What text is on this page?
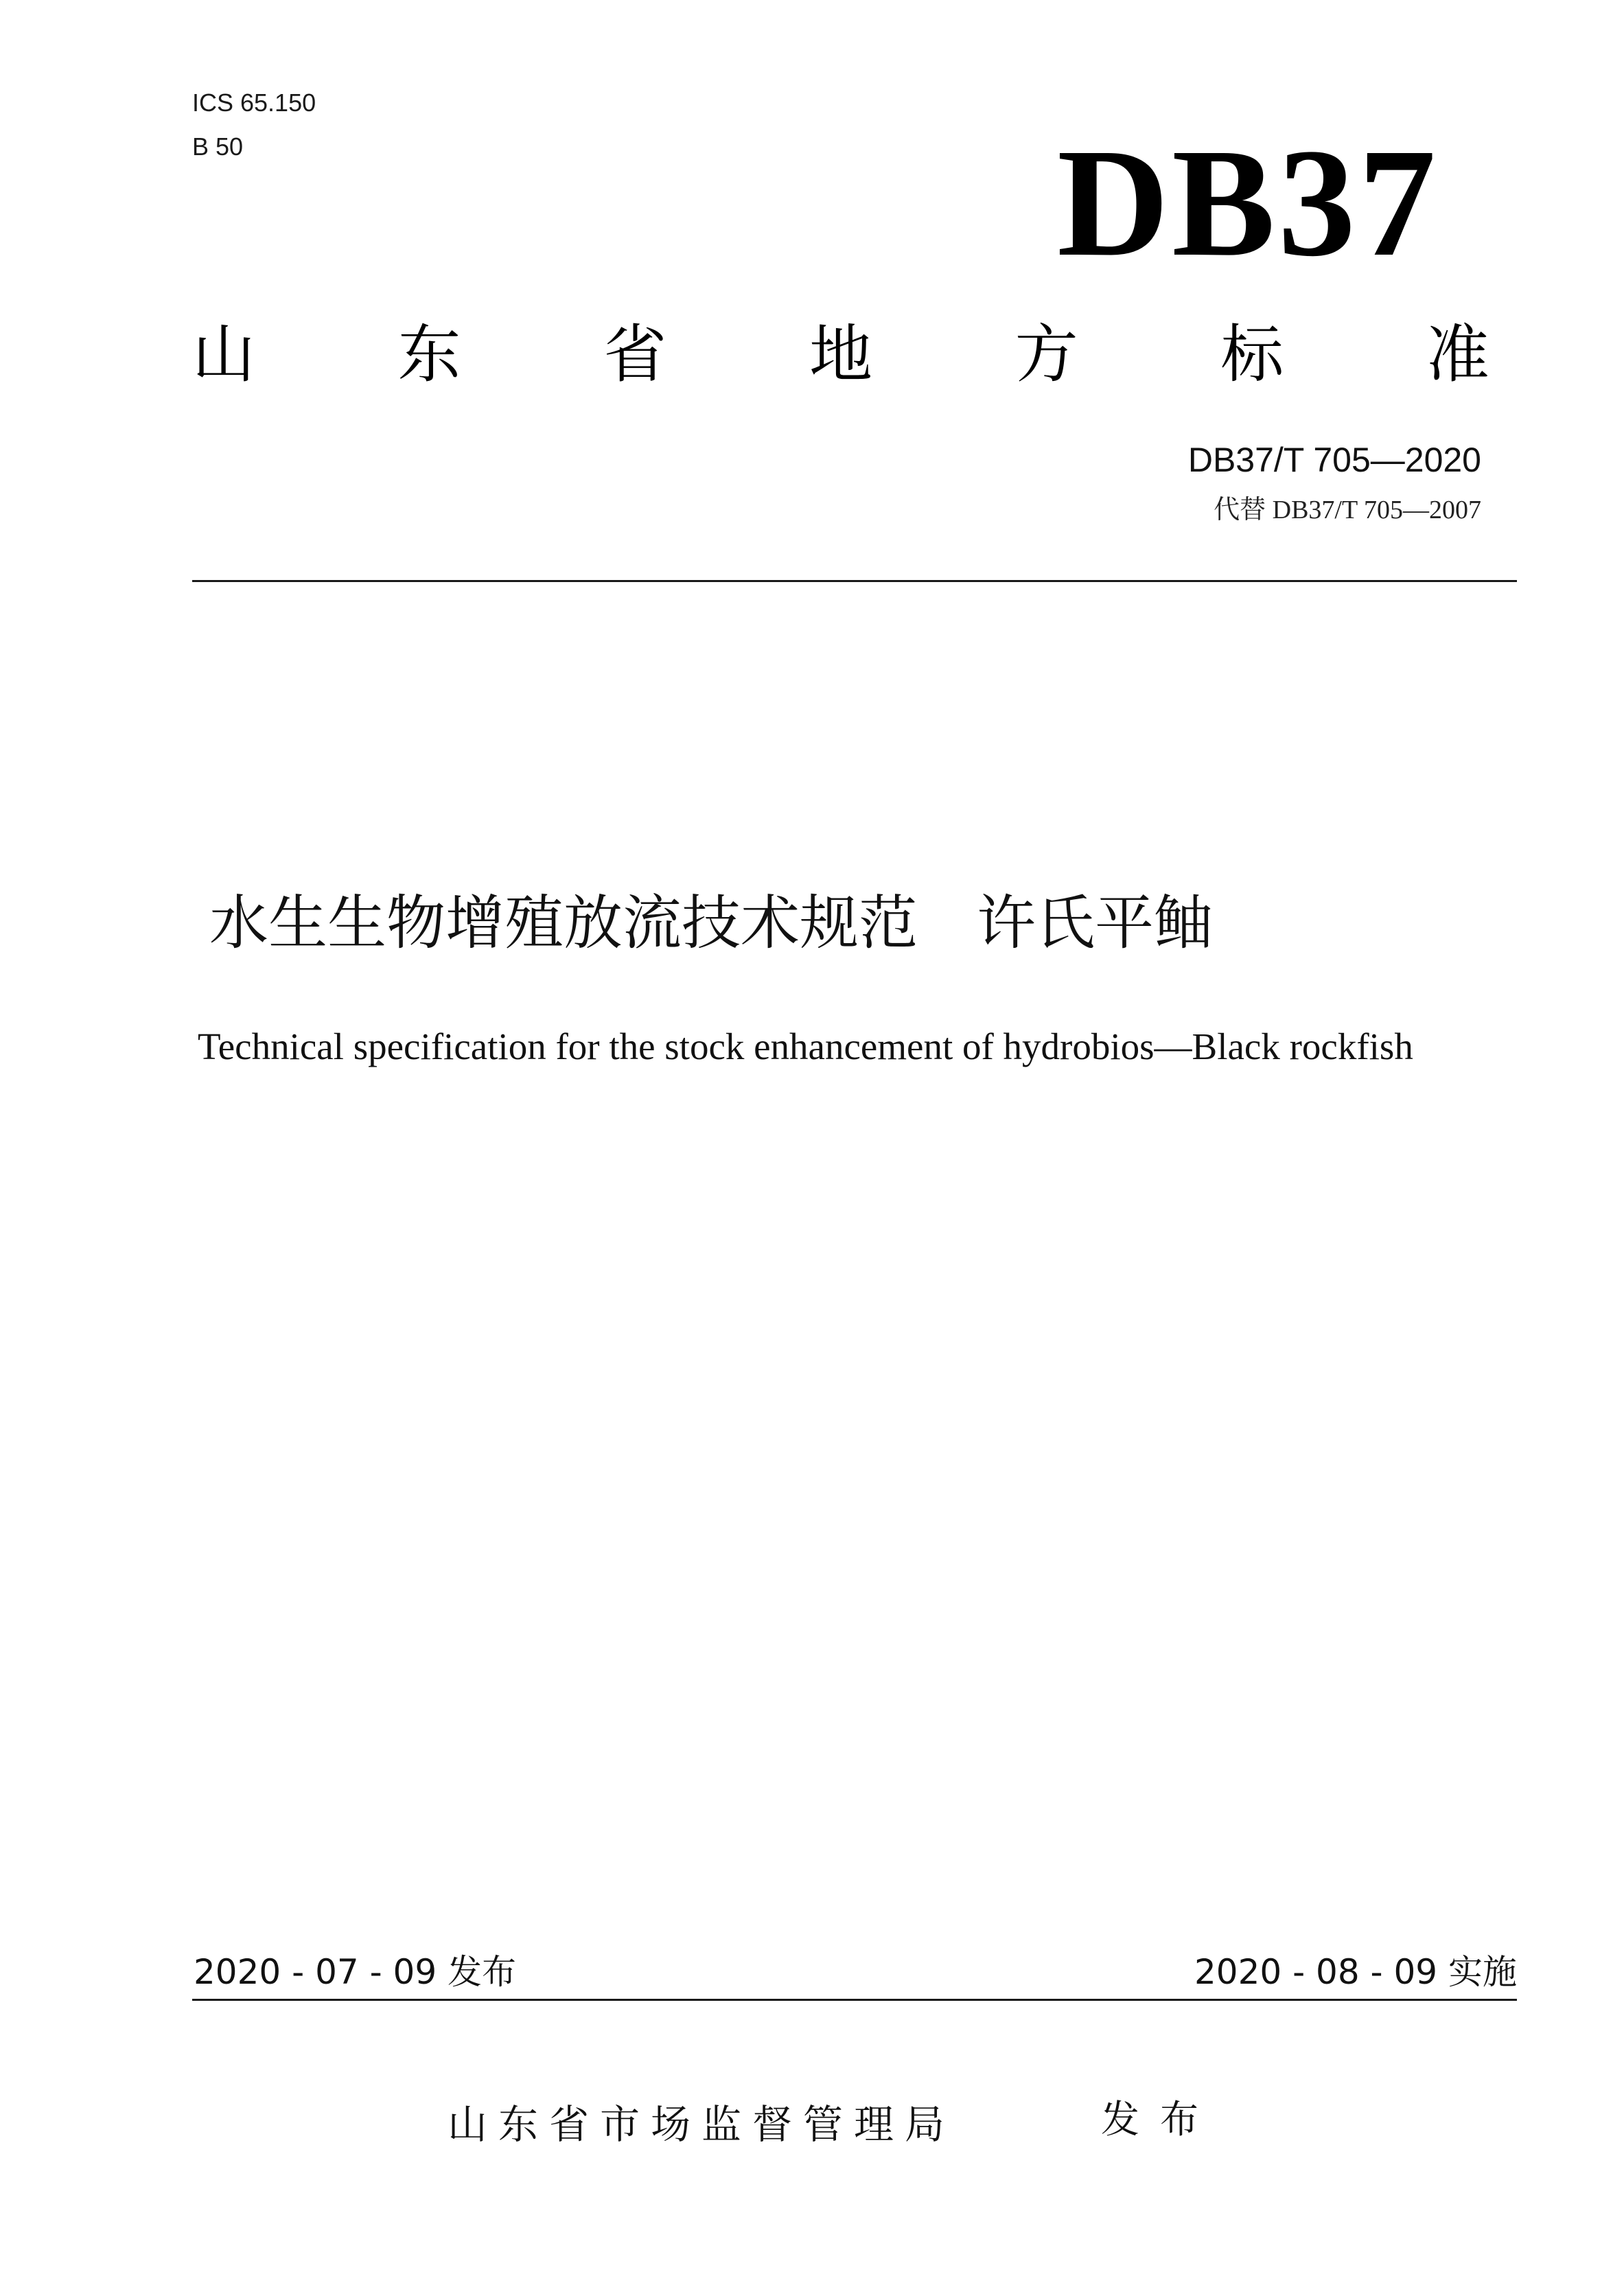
ICS 65.150
B 50	DB37
山 东 省 地 方 标 准
DB37/T 705—2020
代替 DB37/T 705—2007
水生生物增殖放流技术规范　许氏平鲉
Technical specification for the stock enhancement of hydrobios—Black rockfish
2020 - 07 - 09 发布	2020 - 08 - 09 实施
山东省市场监督管理局	发布
